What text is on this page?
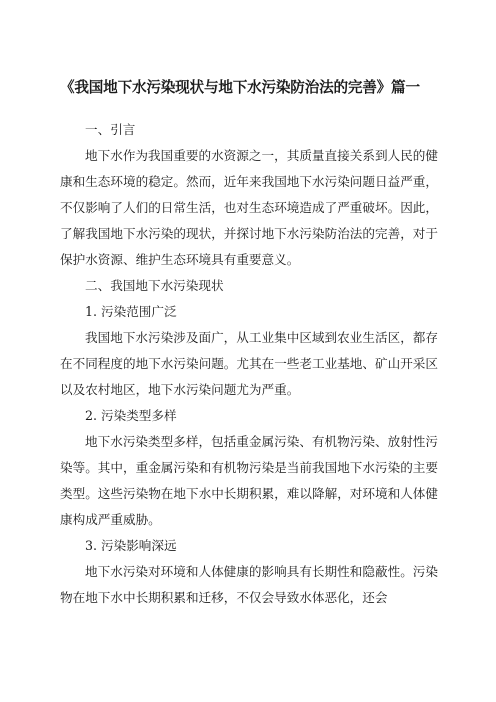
《我国地下水污染现状与地下水污染防治法的完善》篇一

一、引言

地下水作为我国重要的水资源之一，其质量直接关系到人民的健康和生态环境的稳定。然而，近年来我国地下水污染问题日益严重，不仅影响了人们的日常生活，也对生态环境造成了严重破坏。因此，了解我国地下水污染的现状，并探讨地下水污染防治法的完善，对于保护水资源、维护生态环境具有重要意义。

二、我国地下水污染现状

1. 污染范围广泛

我国地下水污染涉及面广，从工业集中区域到农业生活区，都存在不同程度的地下水污染问题。尤其在一些老工业基地、矿山开采区以及农村地区，地下水污染问题尤为严重。

2. 污染类型多样

地下水污染类型多样，包括重金属污染、有机物污染、放射性污染等。其中，重金属污染和有机物污染是当前我国地下水污染的主要类型。这些污染物在地下水中长期积累，难以降解，对环境和人体健康构成严重威胁。

3. 污染影响深远

地下水污染对环境和人体健康的影响具有长期性和隐蔽性。污染物在地下水中长期积累和迁移，不仅会导致水体恶化，还会
